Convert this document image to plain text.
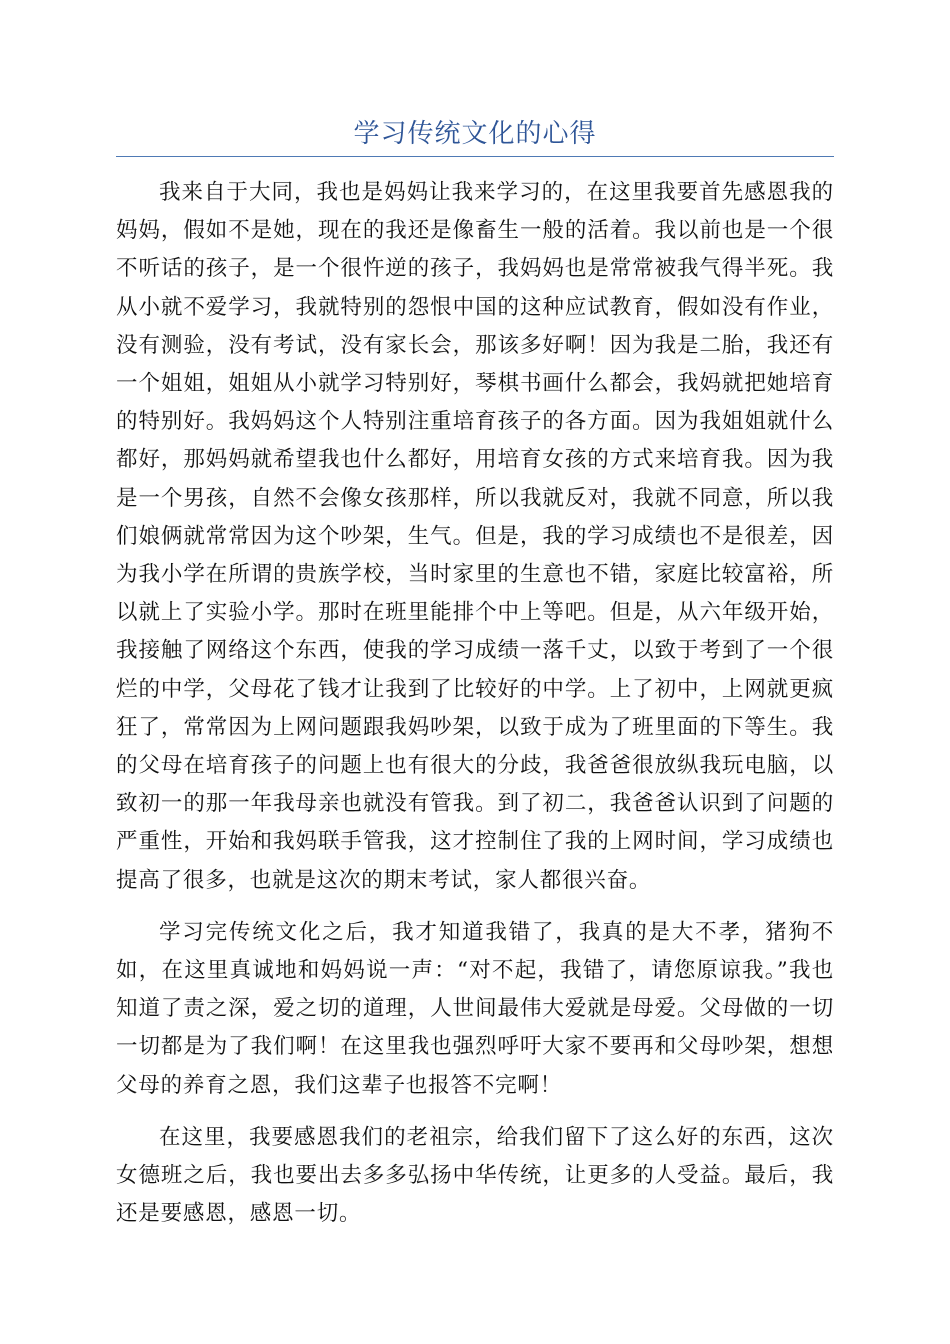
学习传统文化的心得

我来自于大同，我也是妈妈让我来学习的，在这里我要首先感恩我的妈妈，假如不是她，现在的我还是像畜生一般的活着。我以前也是一个很不听话的孩子，是一个很忤逆的孩子，我妈妈也是常常被我气得半死。我从小就不爱学习，我就特别的怨恨中国的这种应试教育，假如没有作业，没有测验，没有考试，没有家长会，那该多好啊！因为我是二胎，我还有一个姐姐，姐姐从小就学习特别好，琴棋书画什么都会，我妈就把她培育的特别好。我妈妈这个人特别注重培育孩子的各方面。因为我姐姐就什么都好，那妈妈就希望我也什么都好，用培育女孩的方式来培育我。因为我是一个男孩，自然不会像女孩那样，所以我就反对，我就不同意，所以我们娘俩就常常因为这个吵架，生气。但是，我的学习成绩也不是很差，因为我小学在所谓的贵族学校，当时家里的生意也不错，家庭比较富裕，所以就上了实验小学。那时在班里能排个中上等吧。但是，从六年级开始，我接触了网络这个东西，使我的学习成绩一落千丈，以致于考到了一个很烂的中学，父母花了钱才让我到了比较好的中学。上了初中，上网就更疯狂了，常常因为上网问题跟我妈吵架，以致于成为了班里面的下等生。我的父母在培育孩子的问题上也有很大的分歧，我爸爸很放纵我玩电脑，以致初一的那一年我母亲也就没有管我。到了初二，我爸爸认识到了问题的严重性，开始和我妈联手管我，这才控制住了我的上网时间，学习成绩也提高了很多，也就是这次的期末考试，家人都很兴奋。

学习完传统文化之后，我才知道我错了，我真的是大不孝，猪狗不如，在这里真诚地和妈妈说一声：“对不起，我错了，请您原谅我。”我也知道了责之深，爱之切的道理，人世间最伟大爱就是母爱。父母做的一切一切都是为了我们啊！在这里我也强烈呼吁大家不要再和父母吵架，想想父母的养育之恩，我们这辈子也报答不完啊！

在这里，我要感恩我们的老祖宗，给我们留下了这么好的东西，这次女德班之后，我也要出去多多弘扬中华传统，让更多的人受益。最后，我还是要感恩，感恩一切。
